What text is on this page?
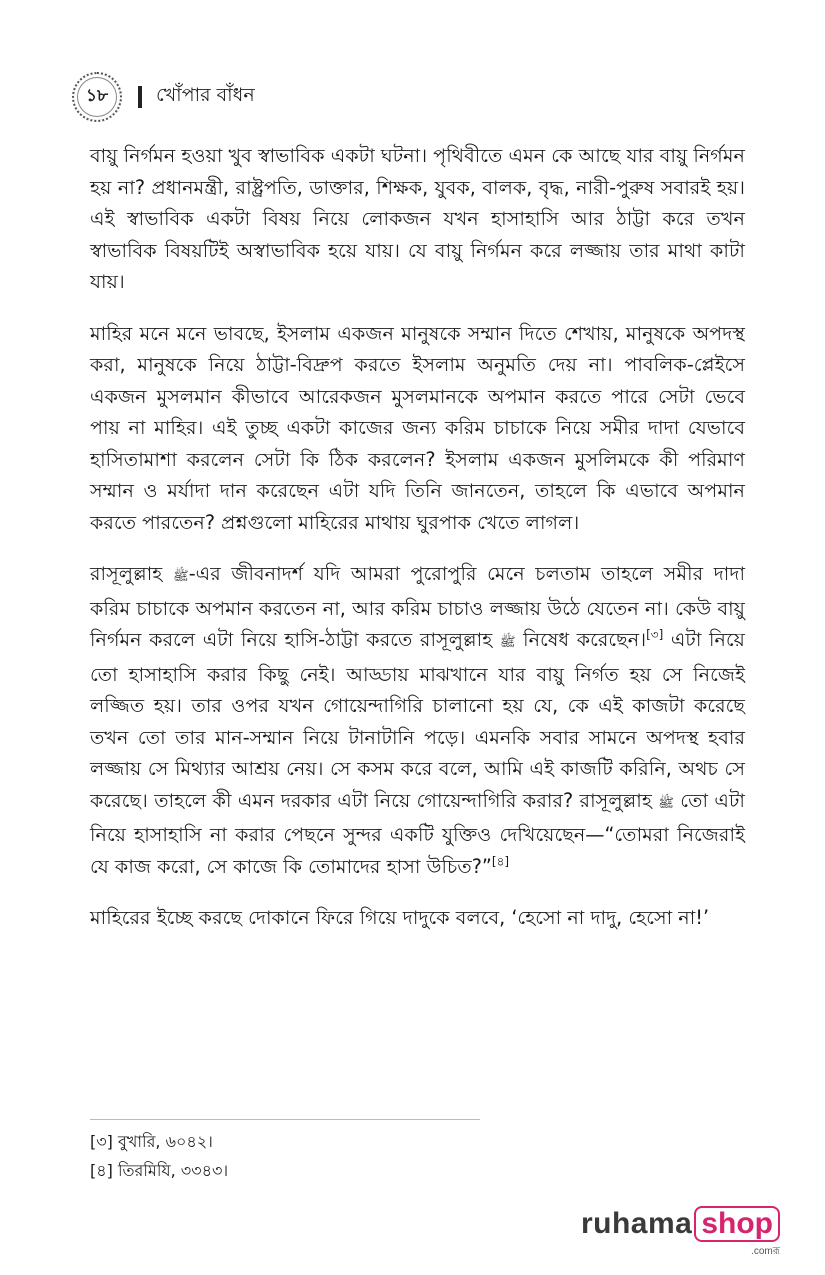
১৮	খোঁপার বাঁধন

বায়ু নির্গমন হওয়া খুব স্বাভাবিক একটা ঘটনা। পৃথিবীতে এমন কে আছে যার বায়ু নির্গমন হয় না? প্রধানমন্ত্রী, রাষ্ট্রপতি, ডাক্তার, শিক্ষক, যুবক, বালক, বৃদ্ধ, নারী-পুরুষ সবারই হয়। এই স্বাভাবিক একটা বিষয় নিয়ে লোকজন যখন হাসাহাসি আর ঠাট্টা করে তখন স্বাভাবিক বিষয়টিই অস্বাভাবিক হয়ে যায়। যে বায়ু নির্গমন করে লজ্জায় তার মাথা কাটা যায়।

মাহির মনে মনে ভাবছে, ইসলাম একজন মানুষকে সম্মান দিতে শেখায়, মানুষকে অপদস্থ করা, মানুষকে নিয়ে ঠাট্টা-বিদ্রুপ করতে ইসলাম অনুমতি দেয় না। পাবলিক-প্লেইসে একজন মুসলমান কীভাবে আরেকজন মুসলমানকে অপমান করতে পারে সেটা ভেবে পায় না মাহির। এই তুচ্ছ একটা কাজের জন্য করিম চাচাকে নিয়ে সমীর দাদা যেভাবে হাসিতামাশা করলেন সেটা কি ঠিক করলেন? ইসলাম একজন মুসলিমকে কী পরিমাণ সম্মান ও মর্যাদা দান করেছেন এটা যদি তিনি জানতেন, তাহলে কি এভাবে অপমান করতে পারতেন? প্রশ্নগুলো মাহিরের মাথায় ঘুরপাক খেতে লাগল।

রাসূলুল্লাহ ﷺ-এর জীবনাদর্শ যদি আমরা পুরোপুরি মেনে চলতাম তাহলে সমীর দাদা করিম চাচাকে অপমান করতেন না, আর করিম চাচাও লজ্জায় উঠে যেতেন না। কেউ বায়ু নির্গমন করলে এটা নিয়ে হাসি-ঠাট্টা করতে রাসূলুল্লাহ ﷺ নিষেধ করেছেন।[৩] এটা নিয়ে তো হাসাহাসি করার কিছু নেই। আড্ডায় মাঝখানে যার বায়ু নির্গত হয় সে নিজেই লজ্জিত হয়। তার ওপর যখন গোয়েন্দাগিরি চালানো হয় যে, কে এই কাজটা করেছে তখন তো তার মান-সম্মান নিয়ে টানাটানি পড়ে। এমনকি সবার সামনে অপদস্থ হবার লজ্জায় সে মিথ্যার আশ্রয় নেয়। সে কসম করে বলে, আমি এই কাজটি করিনি, অথচ সে করেছে। তাহলে কী এমন দরকার এটা নিয়ে গোয়েন্দাগিরি করার? রাসূলুল্লাহ ﷺ তো এটা নিয়ে হাসাহাসি না করার পেছনে সুন্দর একটি যুক্তিও দেখিয়েছেন—“তোমরা নিজেরাই যে কাজ করো, সে কাজে কি তোমাদের হাসা উচিত?”[৪]

মাহিরের ইচ্ছে করছে দোকানে ফিরে গিয়ে দাদুকে বলবে, ‘হেসো না দাদু, হেসো না!’

[৩] বুখারি, ৬০৪২।
[৪] তিরমিযি, ৩৩৪৩।
ruhama shop
.comরূ
